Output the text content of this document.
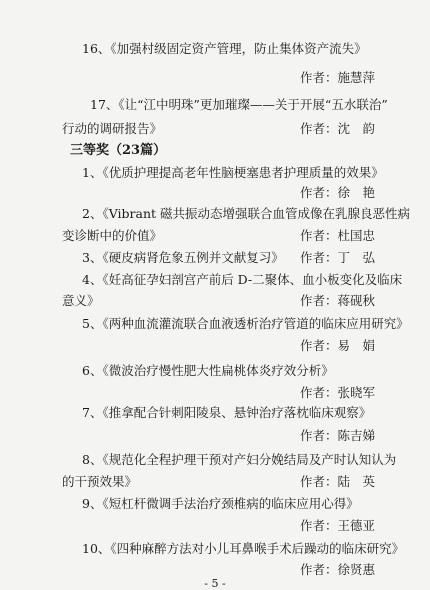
16、《加强村级固定资产管理，防止集体资产流失》
作者：施慧萍
17、《让“江中明珠”更加璀璨——关于开展“五水联治”
行动的调研报告》	作者：沈　韵
三等奖（23篇）
1、《优质护理提高老年性脑梗塞患者护理质量的效果》
作者：徐　艳
2、《Vibrant 磁共振动态增强联合血管成像在乳腺良恶性病
变诊断中的价值》	作者：杜国忠
3、《硬皮病肾危象五例并文献复习》 作者：丁　弘
4、《妊高征孕妇剖宫产前后 D-二聚体、血小板变化及临床
意义》	作者：蒋砚秋
5、《两种血流灌流联合血液透析治疗管道的临床应用研究》
作者：易　娟
6、《微波治疗慢性肥大性扁桃体炎疗效分析》
作者：张晓军
7、《推拿配合针刺阳陵泉、悬钟治疗落枕临床观察》
作者：陈吉娣
8、《规范化全程护理干预对产妇分娩结局及产时认知认为
的干预效果》	作者：陆　英
9、《短杠杆微调手法治疗颈椎病的临床应用心得》
作者：王德亚
10、《四种麻醉方法对小儿耳鼻喉手术后躁动的临床研究》
作者：徐贤惠
- 5 -
